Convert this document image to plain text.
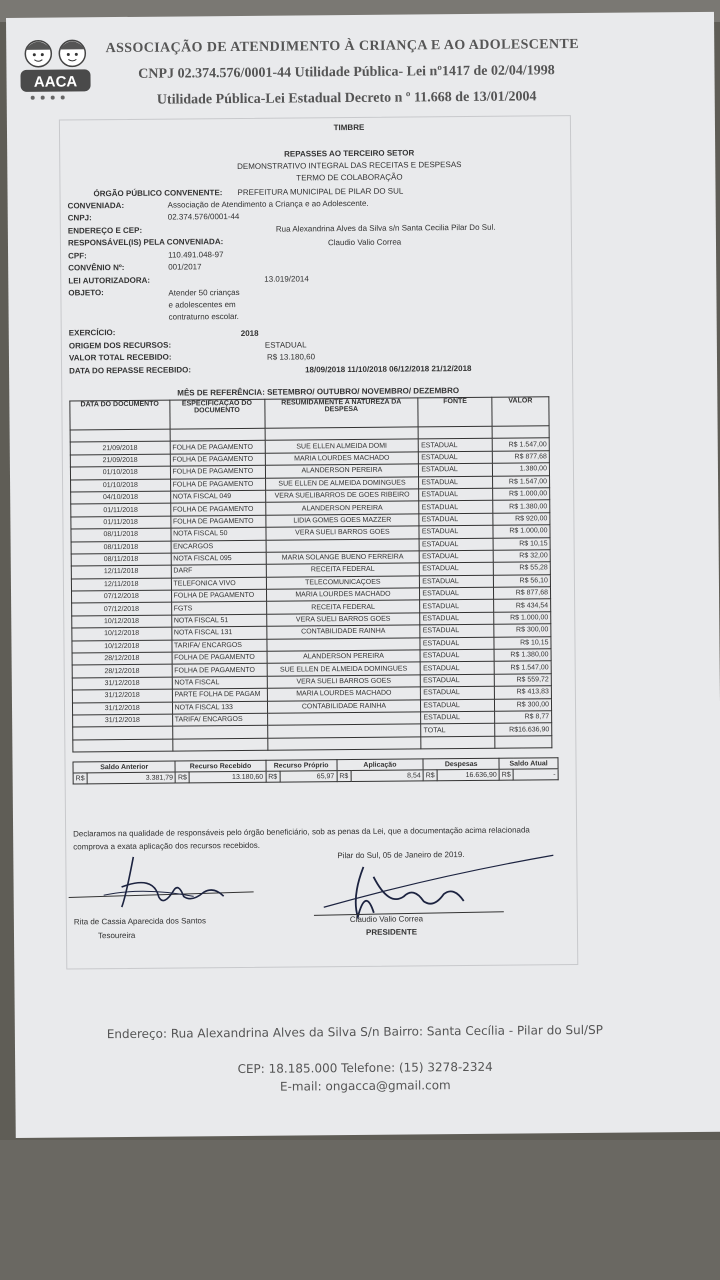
AACA
ASSOCIAÇÃO DE ATENDIMENTO À CRIANÇA E AO ADOLESCENTE
CNPJ 02.374.576/0001-44 Utilidade Pública- Lei nº1417 de 02/04/1998
Utilidade Pública-Lei Estadual Decreto n º 11.668 de 13/01/2004
TIMBRE
REPASSES AO TERCEIRO SETOR
DEMONSTRATIVO INTEGRAL DAS RECEITAS E DESPESAS
TERMO DE COLABORAÇÃO
ÓRGÃO PÚBLICO CONVENENTE: PREFEITURA MUNICIPAL DE PILAR DO SUL
CONVENIADA:	Associação de Atendimento a Criança e ao Adolescente.
CNPJ:	02.374.576/0001-44
ENDEREÇO E CEP:	Rua Alexandrina Alves da Silva s/n Santa Cecilia Pilar Do Sul.
RESPONSÁVEL(IS) PELA CONVENIADA:	Claudio Valio Correa
CPF:	110.491.048-97
CONVÊNIO Nº:	001/2017
LEI AUTORIZADORA:	13.019/2014
OBJETO:	Atender 50 crianças
e adolescentes em
contraturno escolar.
EXERCÍCIO:	2018
ORIGEM DOS RECURSOS:	ESTADUAL
VALOR TOTAL RECEBIDO:	R$ 13.180,60
DATA DO REPASSE RECEBIDO:	18/09/2018 11/10/2018 06/12/2018 21/12/2018
MÊS DE REFERÊNCIA: SETEMBRO/ OUTUBRO/ NOVEMBRO/ DEZEMBRO
DATA DO DOCUMENTO	ESPECIFICAÇÃO DO DOCUMENTO	RESUMIDAMENTE A NATUREZA DA DESPESA	FONTE	VALOR

21/09/2018	FOLHA DE PAGAMENTO	SUE ELLEN ALMEIDA DOMI	ESTADUAL	R$ 1.547,00
21/09/2018	FOLHA DE PAGAMENTO	MARIA LOURDES MACHADO	ESTADUAL	R$ 877,68
01/10/2018	FOLHA DE PAGAMENTO	ALANDERSON PEREIRA	ESTADUAL	1.380,00
01/10/2018	FOLHA DE PAGAMENTO	SUE ELLEN DE ALMEIDA DOMINGUES	ESTADUAL	R$ 1.547,00
04/10/2018	NOTA FISCAL 049	VERA SUELIBARROS DE GOES RIBEIRO	ESTADUAL	R$ 1.000,00
01/11/2018	FOLHA DE PAGAMENTO	ALANDERSON PEREIRA	ESTADUAL	R$ 1.380,00
01/11/2018	FOLHA DE PAGAMENTO	LIDIA GOMES GOES MAZZER	ESTADUAL	R$ 920,00
08/11/2018	NOTA FISCAL 50	VERA SUELI BARROS GOES	ESTADUAL	R$ 1.000,00
08/11/2018	ENCARGOS		ESTADUAL	R$ 10,15
08/11/2018	NOTA FISCAL 095	MARIA SOLANGE BUENO FERREIRA	ESTADUAL	R$ 32,00
12/11/2018	DARF	RECEITA FEDERAL	ESTADUAL	R$ 55,28
12/11/2018	TELEFONICA VIVO	TELECOMUNICAÇOES	ESTADUAL	R$ 56,10
07/12/2018	FOLHA DE PAGAMENTO	MARIA LOURDES MACHADO	ESTADUAL	R$ 877,68
07/12/2018	FGTS	RECEITA FEDERAL	ESTADUAL	R$ 434,54
10/12/2018	NOTA FISCAL 51	VERA SUELI BARROS GOES	ESTADUAL	R$ 1.000,00
10/12/2018	NOTA FISCAL 131	CONTABILIDADE RAINHA	ESTADUAL	R$ 300,00
10/12/2018	TARIFA/ ENCARGOS		ESTADUAL	R$ 10,15
28/12/2018	FOLHA DE PAGAMENTO	ALANDERSON PEREIRA	ESTADUAL	R$ 1.380,00
28/12/2018	FOLHA DE PAGAMENTO	SUE ELLEN DE ALMEIDA DOMINGUES	ESTADUAL	R$ 1.547,00
31/12/2018	NOTA FISCAL	VERA SUELI BARROS GOES	ESTADUAL	R$ 559,72
31/12/2018	PARTE FOLHA DE PAGAM	MARIA LOURDES MACHADO	ESTADUAL	R$ 413,83
31/12/2018	NOTA FISCAL 133	CONTABILIDADE RAINHA	ESTADUAL	R$ 300,00
31/12/2018	TARIFA/ ENCARGOS		ESTADUAL	R$ 8,77
			TOTAL	R$16.636,90

Saldo Anterior		Recurso Recebido		Recurso Próprio		Aplicação		Despesas		Saldo Atual	
R$	3.381,79	R$	13.180,60	R$	65,97	R$	8,54	R$	16.636,90	R$	-
Declaramos na qualidade de responsáveis pelo órgão beneficiário, sob as penas da Lei, que a documentação acima relacionada comprova a exata aplicação dos recursos recebidos.
Pilar do Sul, 05 de Janeiro de 2019.
Rita de Cassia Aparecida dos Santos
Tesoureira
Claudio Valio Correa
PRESIDENTE
Endereço: Rua Alexandrina Alves da Silva S/n Bairro: Santa Cecília - Pilar do Sul/SP
CEP: 18.185.000 Telefone: (15) 3278-2324
E-mail: ongacca@gmail.com
